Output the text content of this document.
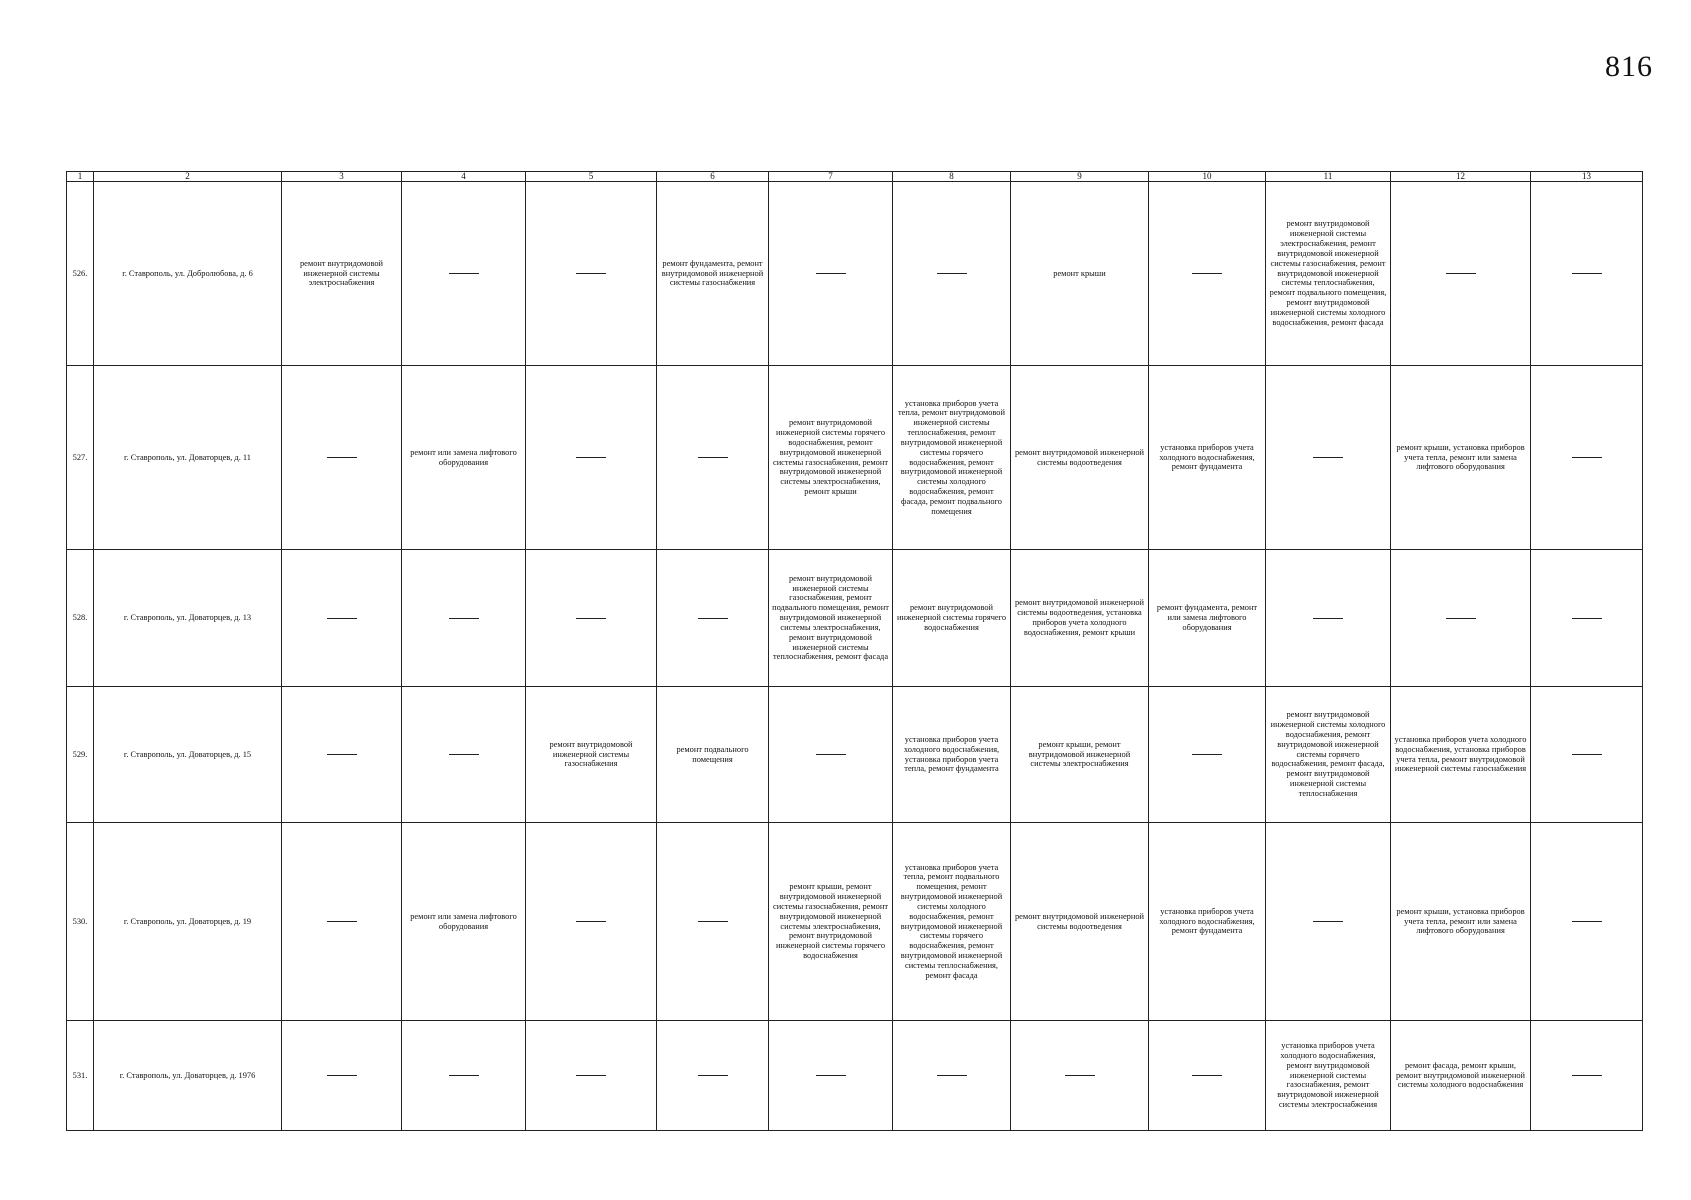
816
1	2	3	4	5	6	7	8	9	10	11	12	13
526.	г. Ставрополь, ул. Добролюбова, д. 6	ремонт внутридомовой инженерной системы электроснабжения			ремонт фундамента, ремонт внутридомовой инженерной системы газоснабжения			ремонт крыши		ремонт внутридомовой инженерной системы электроснабжения, ремонт внутридомовой инженерной системы газоснабжения, ремонт внутридомовой инженерной системы теплоснабжения, ремонт подвального помещения, ремонт внутридомовой инженерной системы холодного водоснабжения, ремонт фасада		
527.	г. Ставрополь, ул. Доваторцев, д. 11		ремонт или замена лифтового оборудования			ремонт внутридомовой инженерной системы горячего водоснабжения, ремонт внутридомовой инженерной системы газоснабжения, ремонт внутридомовой инженерной системы электроснабжения, ремонт крыши	установка приборов учета тепла, ремонт внутридомовой инженерной системы теплоснабжения, ремонт внутридомовой инженерной системы горячего водоснабжения, ремонт внутридомовой инженерной системы холодного водоснабжения, ремонт фасада, ремонт подвального помещения	ремонт внутридомовой инженерной системы водоотведения	установка приборов учета холодного водоснабжения, ремонт фундамента		ремонт крыши, установка приборов учета тепла, ремонт или замена лифтового оборудования	
528.	г. Ставрополь, ул. Доваторцев, д. 13					ремонт внутридомовой инженерной системы газоснабжения, ремонт подвального помещения, ремонт внутридомовой инженерной системы электроснабжения, ремонт внутридомовой инженерной системы теплоснабжения, ремонт фасада	ремонт внутридомовой инженерной системы горячего водоснабжения	ремонт внутридомовой инженерной системы водоотведения, установка приборов учета холодного водоснабжения, ремонт крыши	ремонт фундамента, ремонт или замена лифтового оборудования			
529.	г. Ставрополь, ул. Доваторцев, д. 15			ремонт внутридомовой инженерной системы газоснабжения	ремонт подвального помещения		установка приборов учета холодного водоснабжения, установка приборов учета тепла, ремонт фундамента	ремонт крыши, ремонт внутридомовой инженерной системы электроснабжения		ремонт внутридомовой инженерной системы холодного водоснабжения, ремонт внутридомовой инженерной системы горячего водоснабжения, ремонт фасада, ремонт внутридомовой инженерной системы теплоснабжения	установка приборов учета холодного водоснабжения, установка приборов учета тепла, ремонт внутридомовой инженерной системы газоснабжения	
530.	г. Ставрополь, ул. Доваторцев, д. 19		ремонт или замена лифтового оборудования			ремонт крыши, ремонт внутридомовой инженерной системы газоснабжения, ремонт внутридомовой инженерной системы электроснабжения, ремонт внутридомовой инженерной системы горячего водоснабжения	установка приборов учета тепла, ремонт подвального помещения, ремонт внутридомовой инженерной системы холодного водоснабжения, ремонт внутридомовой инженерной системы горячего водоснабжения, ремонт внутридомовой инженерной системы теплоснабжения, ремонт фасада	ремонт внутридомовой инженерной системы водоотведения	установка приборов учета холодного водоснабжения, ремонт фундамента		ремонт крыши, установка приборов учета тепла, ремонт или замена лифтового оборудования	
531.	г. Ставрополь, ул. Доваторцев, д. 1976									установка приборов учета холодного водоснабжения, ремонт внутридомовой инженерной системы газоснабжения, ремонт внутридомовой инженерной системы электроснабжения	ремонт фасада, ремонт крыши, ремонт внутридомовой инженерной системы холодного водоснабжения	
